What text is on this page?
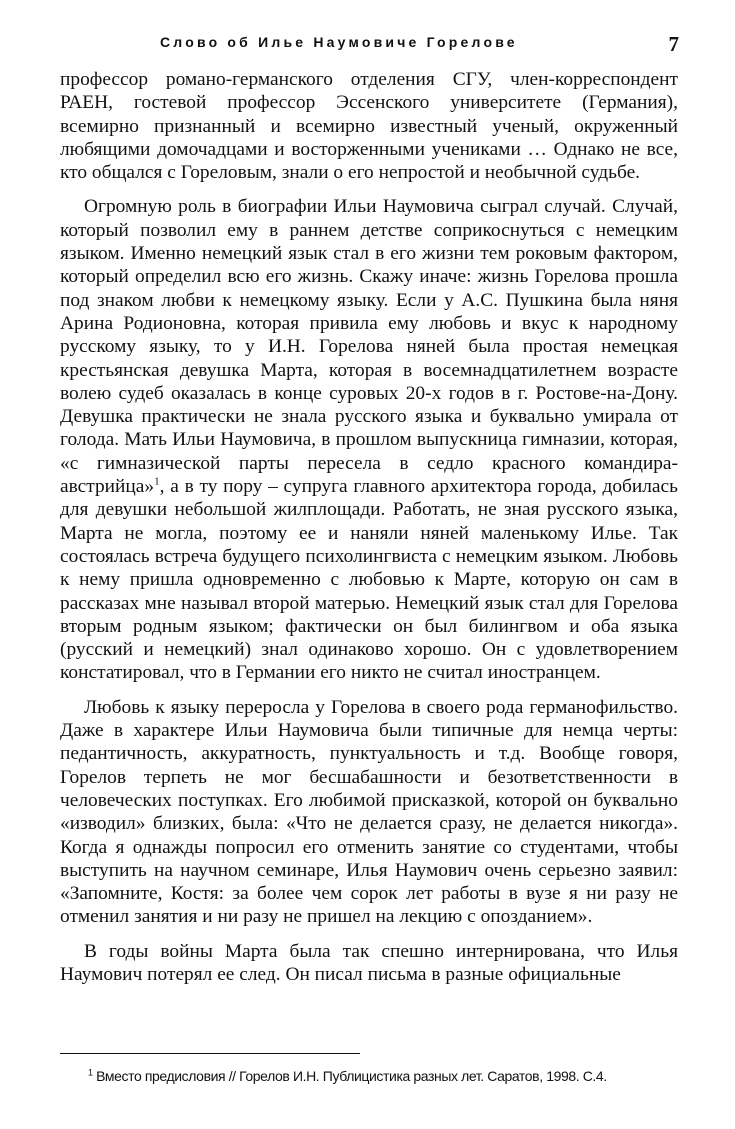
Слово об Илье Наумовиче Горелове	7

профессор романо-германского отделения СГУ, член-корреспондент РАЕН, гостевой профессор Эссенского университете (Германия), всемирно признанный и всемирно известный ученый, окруженный любящими домочадцами и восторженными учениками … Однако не все, кто общался с Гореловым, знали о его непростой и необычной судьбе.

Огромную роль в биографии Ильи Наумовича сыграл случай. Случай, который позволил ему в раннем детстве соприкоснуться с немецким языком. Именно немецкий язык стал в его жизни тем роковым фактором, который определил всю его жизнь. Скажу иначе: жизнь Горелова прошла под знаком любви к немецкому языку. Если у А.С. Пушкина была няня Арина Родионовна, которая привила ему любовь и вкус к народному русскому языку, то у И.Н. Горелова няней была простая немецкая крестьянская девушка Марта, которая в восемнадцатилетнем возрасте волею судеб оказалась в конце суровых 20-х годов в г. Ростове-на-Дону. Девушка практически не знала русского языка и буквально умирала от голода. Мать Ильи Наумовича, в прошлом выпускница гимназии, которая, «с гимназической парты пересела в седло красного командира-австрийца»$^1$, а в ту пору – супруга главного архитектора города, добилась для девушки небольшой жилплощади. Работать, не зная русского языка, Марта не могла, поэтому ее и наняли няней маленькому Илье. Так состоялась встреча будущего психолингвиста с немецким языком. Любовь к нему пришла одновременно с любовью к Марте, которую он сам в рассказах мне называл второй матерью. Немецкий язык стал для Горелова вторым родным языком; фактически он был билингвом и оба языка (русский и немецкий) знал одинаково хорошо. Он с удовлетворением констатировал, что в Германии его никто не считал иностранцем.

Любовь к языку переросла у Горелова в своего рода германофильство. Даже в характере Ильи Наумовича были типичные для немца черты: педантичность, аккуратность, пунктуальность и т.д. Вообще говоря, Горелов терпеть не мог бесшабашности и безответственности в человеческих поступках. Его любимой присказкой, которой он буквально «изводил» близких, была: «Что не делается сразу, не делается никогда». Когда я однажды попросил его отменить занятие со студентами, чтобы выступить на научном семинаре, Илья Наумович очень серьезно заявил: «Запомните, Костя: за более чем сорок лет работы в вузе я ни разу не отменил занятия и ни разу не пришел на лекцию с опозданием».

В годы войны Марта была так спешно интернирована, что Илья Наумович потерял ее след. Он писал письма в разные официальные

$^1$ Вместо предисловия // Горелов И.Н. Публицистика разных лет. Саратов, 1998. С.4.
